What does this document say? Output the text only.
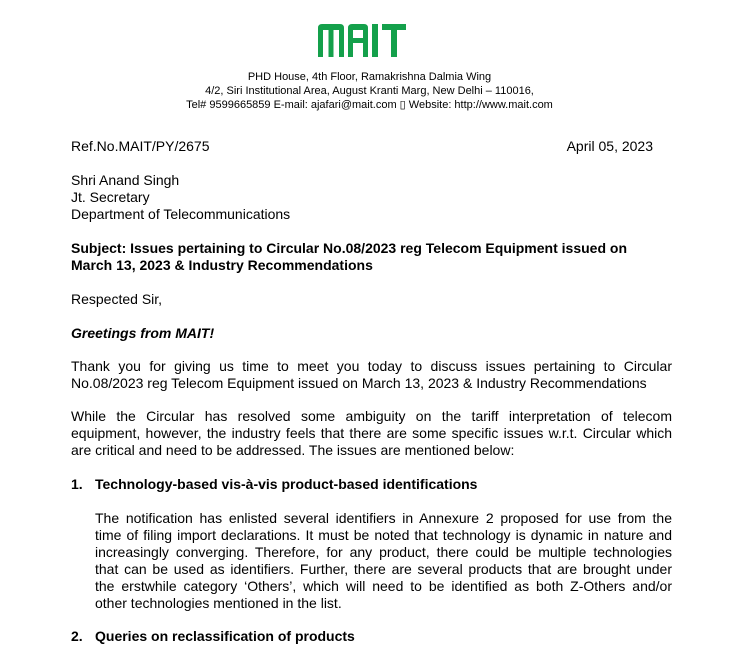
PHD House, 4th Floor, Ramakrishna Dalmia Wing
4/2, Siri Institutional Area, August Kranti Marg, New Delhi – 110016,
Tel# 9599665859 E-mail: ajafari@mait.com ▯ Website: http://www.mait.com
Ref.No.MAIT/PY/2675	April 05, 2023
Shri Anand Singh
Jt. Secretary
Department of Telecommunications
Subject: Issues pertaining to Circular No.08/2023 reg Telecom Equipment issued on
March 13, 2023 & Industry Recommendations
Respected Sir,
Greetings from MAIT!
Thank you for giving us time to meet you today to discuss issues pertaining to Circular
No.08/2023 reg Telecom Equipment issued on March 13, 2023 & Industry Recommendations
While the Circular has resolved some ambiguity on the tariff interpretation of telecom
equipment, however, the industry feels that there are some specific issues w.r.t. Circular which
are critical and need to be addressed. The issues are mentioned below:
1. Technology-based vis-à-vis product-based identifications
The notification has enlisted several identifiers in Annexure 2 proposed for use from the
time of filing import declarations. It must be noted that technology is dynamic in nature and
increasingly converging. Therefore, for any product, there could be multiple technologies
that can be used as identifiers. Further, there are several products that are brought under
the erstwhile category ‘Others’, which will need to be identified as both Z-Others and/or
other technologies mentioned in the list.
2. Queries on reclassification of products
